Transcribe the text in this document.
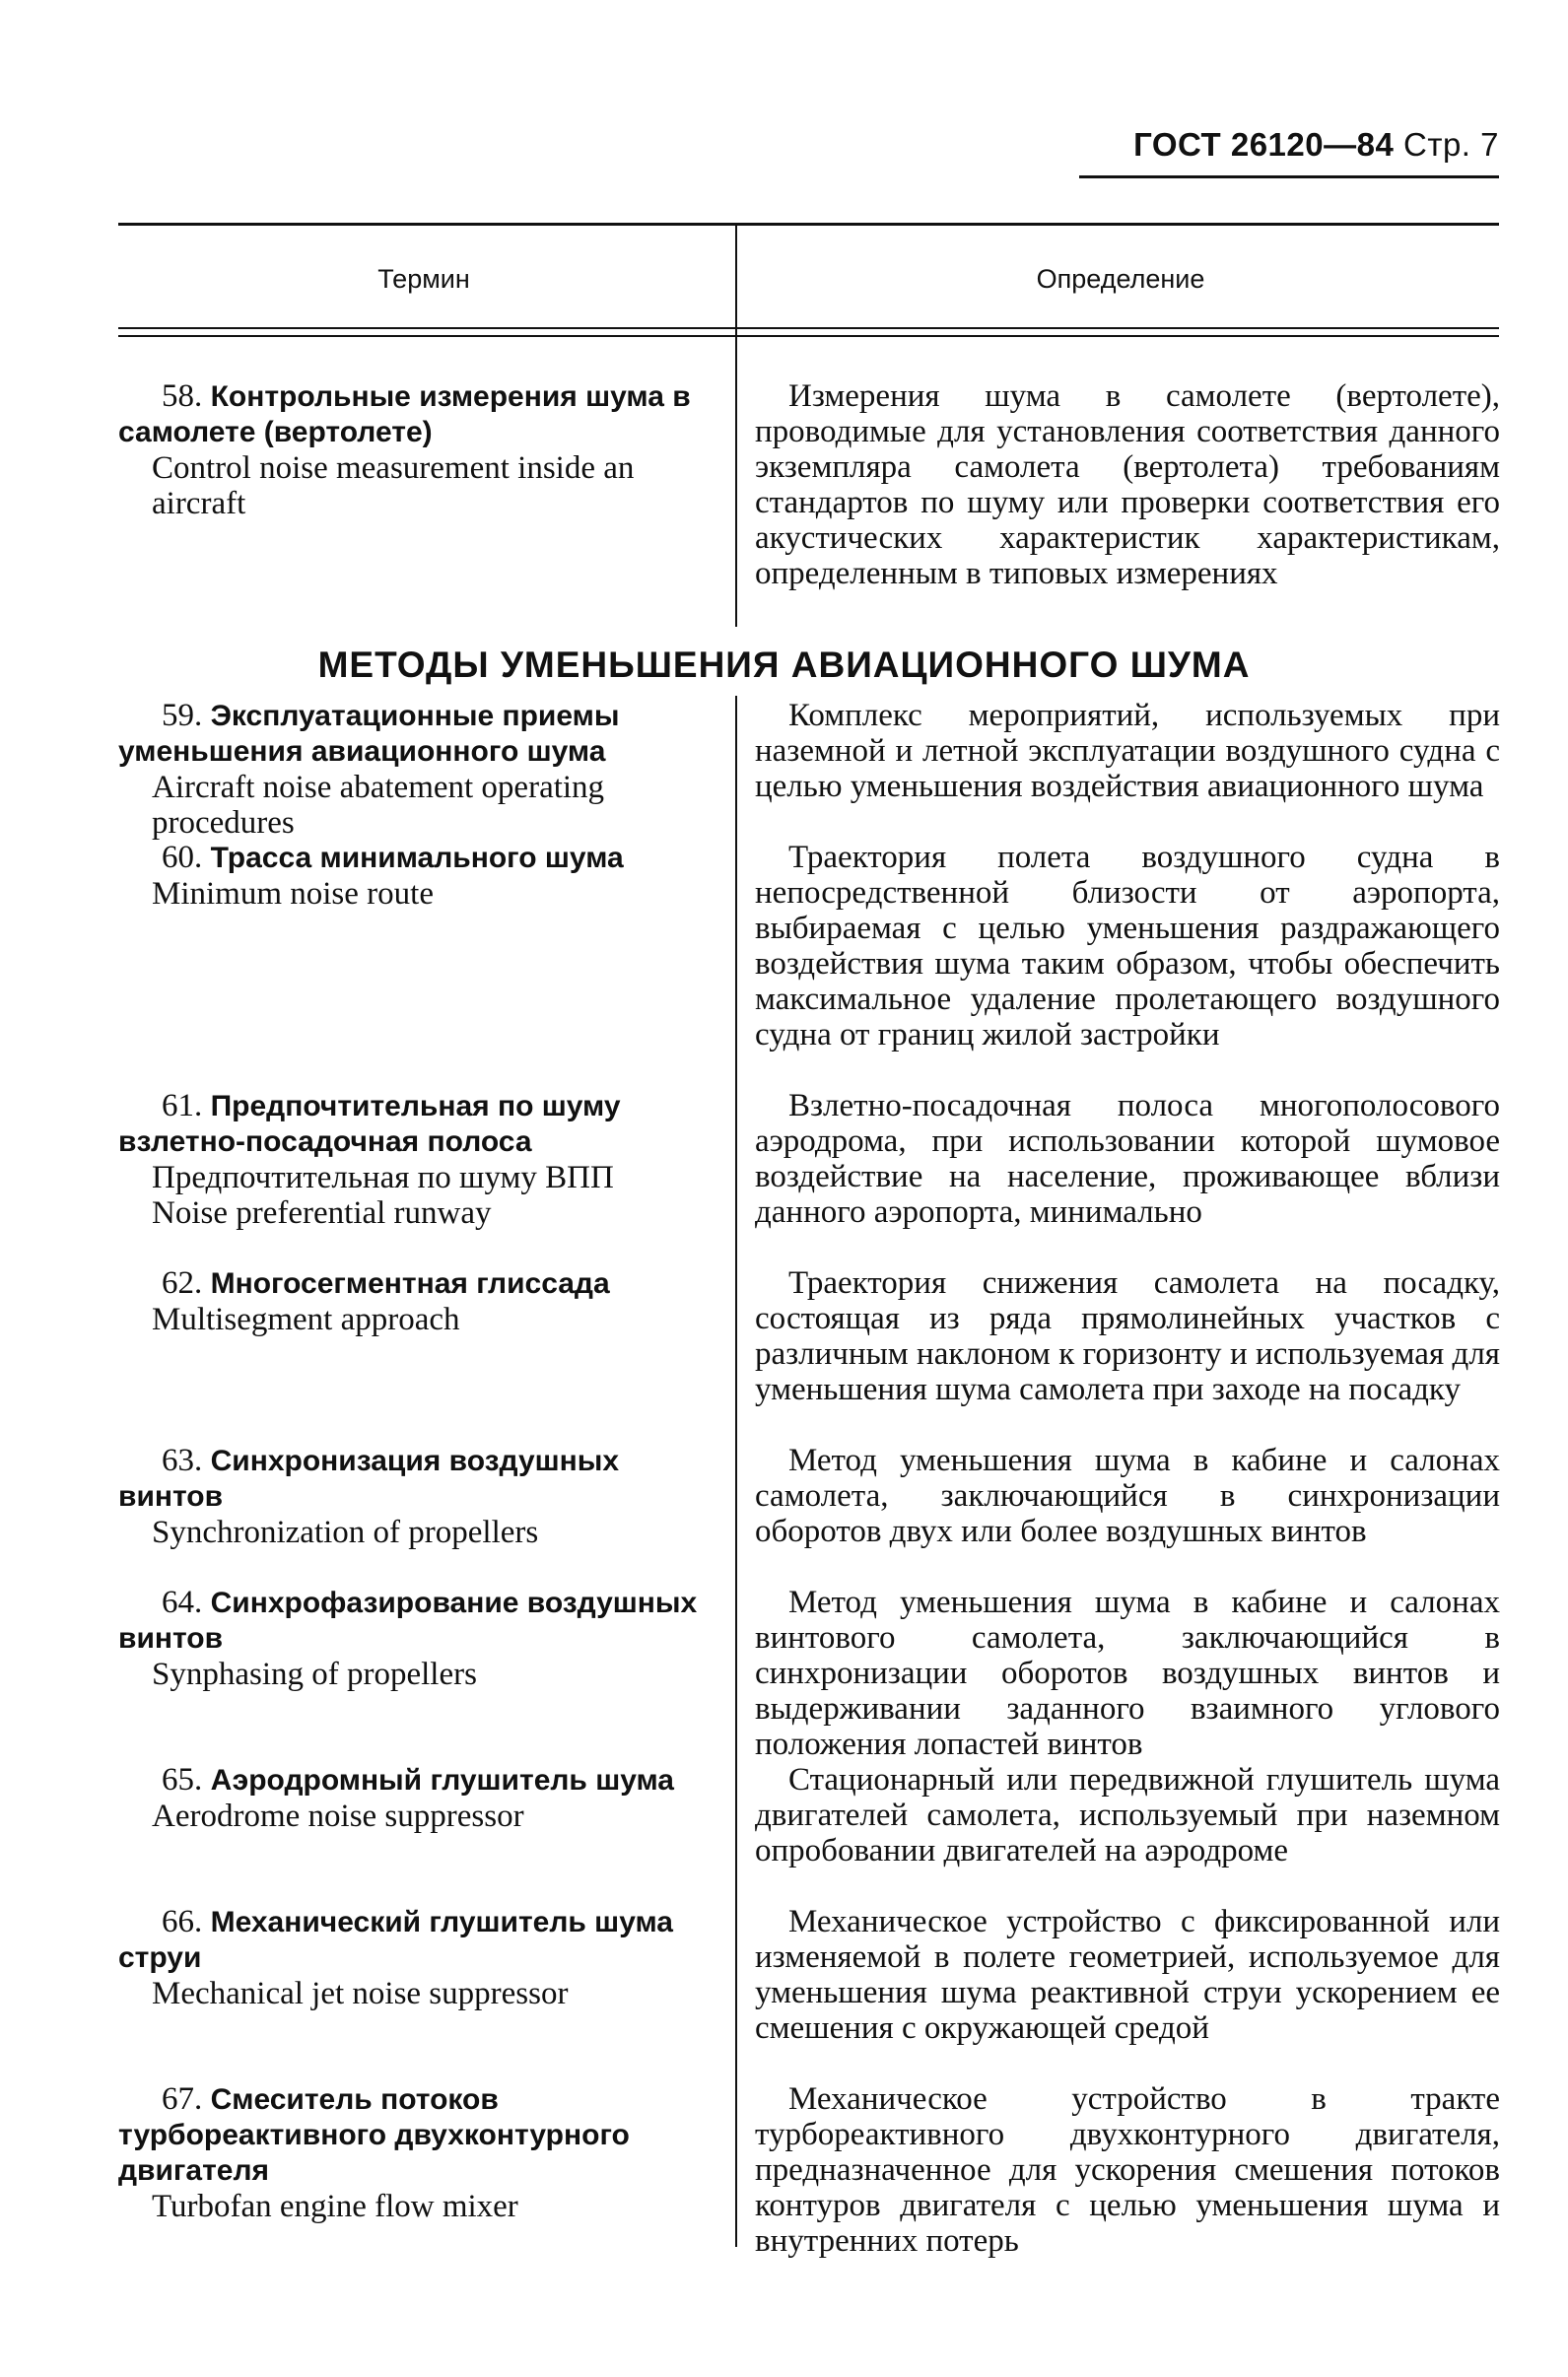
ГОСТ 26120—84 Стр. 7
Термин	Определение
58. Контрольные измерения шума в самолете (вертолете)
Control noise measurement inside an aircraft
Измерения шума в самолете (вертолете), проводимые для установления соответствия данного экземпляра самолета (вертолета) требованиям стандартов по шуму или проверки соответствия его акустических характеристик характеристикам, определенным в типовых измерениях
МЕТОДЫ УМЕНЬШЕНИЯ АВИАЦИОННОГО ШУМА
59. Эксплуатационные приемы уменьшения авиационного шума
Aircraft noise abatement operating procedures
Комплекс мероприятий, используемых при наземной и летной эксплуатации воздушного судна с целью уменьшения воздействия авиационного шума
60. Трасса минимального шума
Minimum noise route
Траектория полета воздушного судна в непосредственной близости от аэропорта, выбираемая с целью уменьшения раздражающего воздействия шума таким образом, чтобы обеспечить максимальное удаление пролетающего воздушного судна от границ жилой застройки
61. Предпочтительная по шуму взлетно-посадочная полоса
Предпочтительная по шуму ВПП
Noise preferential runway
Взлетно-посадочная полоса многополосового аэродрома, при использовании которой шумовое воздействие на население, проживающее вблизи данного аэропорта, минимально
62. Многосегментная глиссада
Multisegment approach
Траектория снижения самолета на посадку, состоящая из ряда прямолинейных участков с различным наклоном к горизонту и используемая для уменьшения шума самолета при заходе на посадку
63. Синхронизация воздушных винтов
Synchronization of propellers
Метод уменьшения шума в кабине и салонах самолета, заключающийся в синхронизации оборотов двух или более воздушных винтов
64. Синхрофазирование воздушных винтов
Synphasing of propellers
Метод уменьшения шума в кабине и салонах винтового самолета, заключающийся в синхронизации оборотов воздушных винтов и выдерживании заданного взаимного углового положения лопастей винтов
65. Аэродромный глушитель шума
Aerodrome noise suppressor
Стационарный или передвижной глушитель шума двигателей самолета, используемый при наземном опробовании двигателей на аэродроме
66. Механический глушитель шума струи
Mechanical jet noise suppressor
Механическое устройство с фиксированной или изменяемой в полете геометрией, используемое для уменьшения шума реактивной струи ускорением ее смешения с окружающей средой
67. Смеситель потоков турбореактивного двухконтурного двигателя
Turbofan engine flow mixer
Механическое устройство в тракте турбореактивного двухконтурного двигателя, предназначенное для ускорения смешения потоков контуров двигателя с целью уменьшения шума и внутренних потерь
